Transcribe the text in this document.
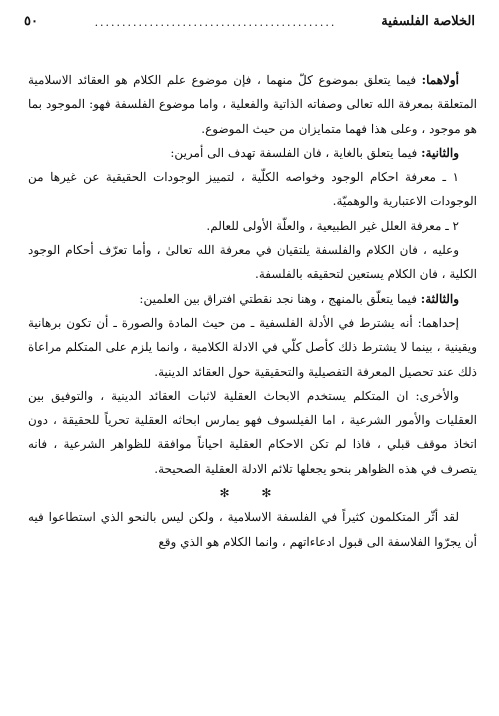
الخلاصة الفلسفية
............................................
٥٠

أولاهما: فيما يتعلق بموضوع كلّ منهما ، فإن موضوع علم الكلام هو العقائد الاسلامية المتعلقة بمعرفة الله تعالى وصفاته الذاتية والفعلية ، واما موضوع الفلسفة فهو: الموجود بما هو موجود ، وعلى هذا فهما متمايزان من حيث الموضوع.

والثانية: فيما يتعلق بالغاية ، فان الفلسفة تهدف الى أمرين:

١ ـ معرفة احكام الوجود وخواصه الكلّية ، لتمييز الوجودات الحقيقية عن غيرها من الوجودات الاعتبارية والوهميّة.

٢ ـ معرفة العلل غير الطبيعية ، والعلّة الأولى للعالم.

وعليه ، فان الكلام والفلسفة يلتقيان في معرفة الله تعالىٰ ، وأما تعرّف أحكام الوجود الكلية ، فان الكلام يستعين لتحقيقه بالفلسفة.

والثالثة: فيما يتعلّق بالمنهج ، وهنا نجد نقطتي افتراق بين العلمين:

إحداهما: أنه يشترط في الأدلة الفلسفية ـ من حيث المادة والصورة ـ أن تكون برهانية ويقينية ، بينما لا يشترط ذلك كأصل كلّي في الادلة الكلامية ، وانما يلزم على المتكلم مراعاة ذلك عند تحصيل المعرفة التفصيلية والتحقيقية حول العقائد الدينية.

والأخرى: ان المتكلم يستخدم الابحاث العقلية لاثبات العقائد الدينية ، والتوفيق بين العقليات والأمور الشرعية ، اما الفيلسوف فهو يمارس ابحاثه العقلية تحرياً للحقيقة ، دون اتخاذ موقف قبلي ، فاذا لم تكن الاحكام العقلية احياناً موافقة للظواهر الشرعية ، فانه يتصرف في هذه الظواهر بنحو يجعلها تلائم الادلة العقلية الصحيحة.

✻ ✻

لقد أثّر المتكلمون كثيراً في الفلسفة الاسلامية ، ولكن ليس بالنحو الذي استطاعوا فيه أن يجرّوا الفلاسفة الى قبول ادعاءاتهم ، وانما الكلام هو الذي وقع
